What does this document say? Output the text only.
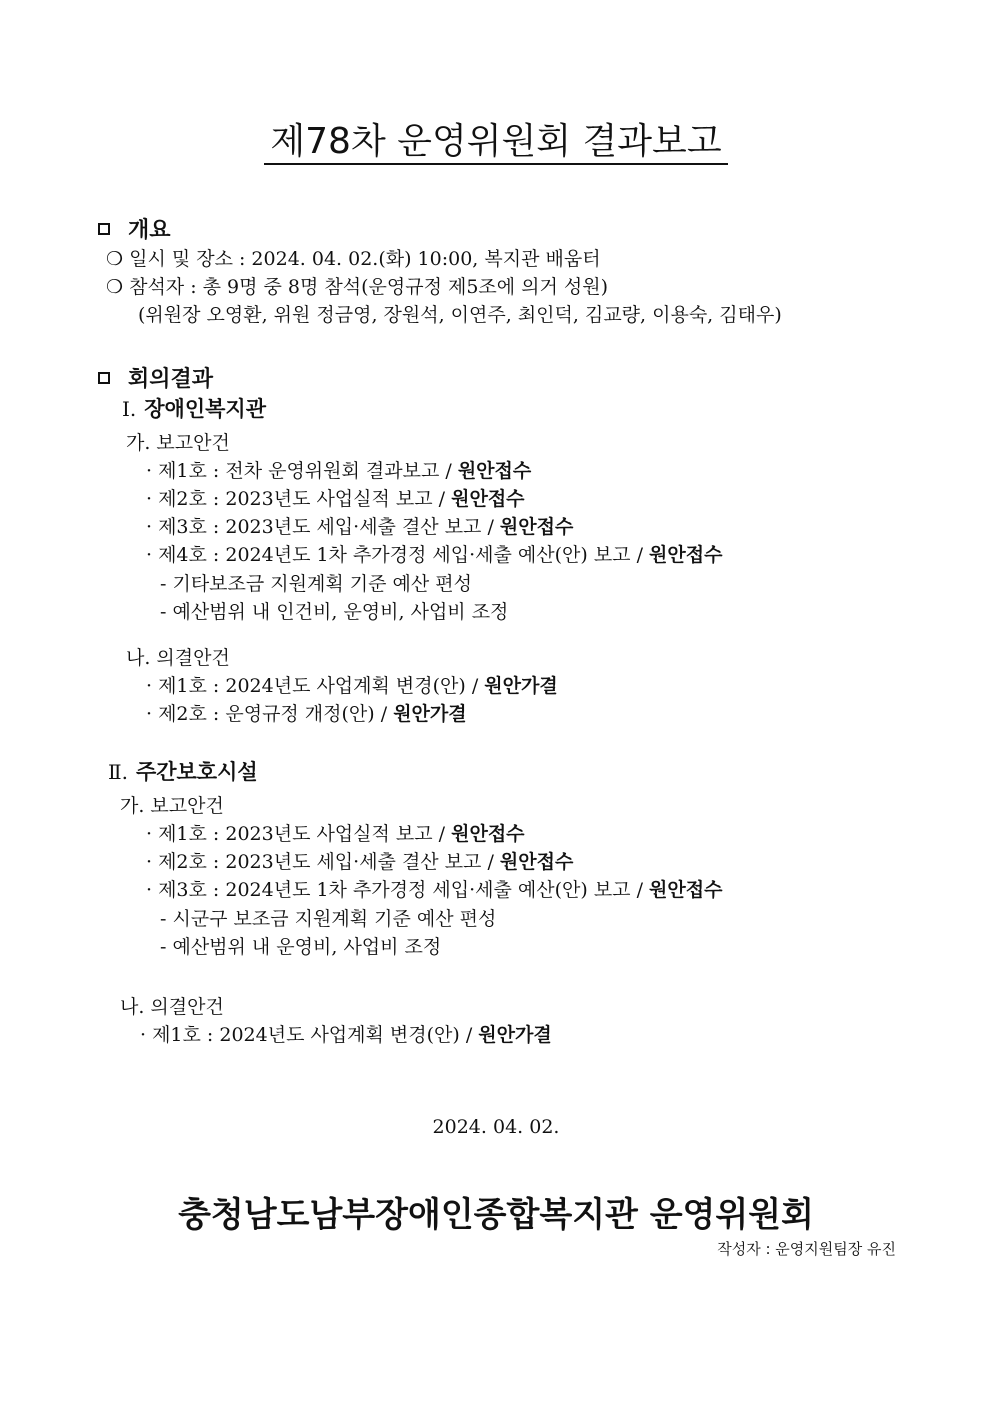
제78차 운영위원회 결과보고
개요
❍ 일시 및 장소 : 2024. 04. 02.(화) 10:00, 복지관 배움터
❍ 참석자 : 총 9명 중 8명 참석(운영규정 제5조에 의거 성원)
(위원장 오영환, 위원 정금영, 장원석, 이연주, 최인덕, 김교량, 이용숙, 김태우)
회의결과
Ⅰ. 장애인복지관
가. 보고안건
· 제1호 : 전차 운영위원회 결과보고 / 원안접수
· 제2호 : 2023년도 사업실적 보고 / 원안접수
· 제3호 : 2023년도 세입·세출 결산 보고 / 원안접수
· 제4호 : 2024년도 1차 추가경정 세입·세출 예산(안) 보고 / 원안접수
- 기타보조금 지원계획 기준 예산 편성
- 예산범위 내 인건비, 운영비, 사업비 조정
나. 의결안건
· 제1호 : 2024년도 사업계획 변경(안) / 원안가결
· 제2호 : 운영규정 개정(안) / 원안가결
Ⅱ. 주간보호시설
가. 보고안건
· 제1호 : 2023년도 사업실적 보고 / 원안접수
· 제2호 : 2023년도 세입·세출 결산 보고 / 원안접수
· 제3호 : 2024년도 1차 추가경정 세입·세출 예산(안) 보고 / 원안접수
- 시군구 보조금 지원계획 기준 예산 편성
- 예산범위 내 운영비, 사업비 조정
나. 의결안건
· 제1호 : 2024년도 사업계획 변경(안) / 원안가결
2024. 04. 02.
충청남도남부장애인종합복지관 운영위원회
작성자 : 운영지원팀장 유진
